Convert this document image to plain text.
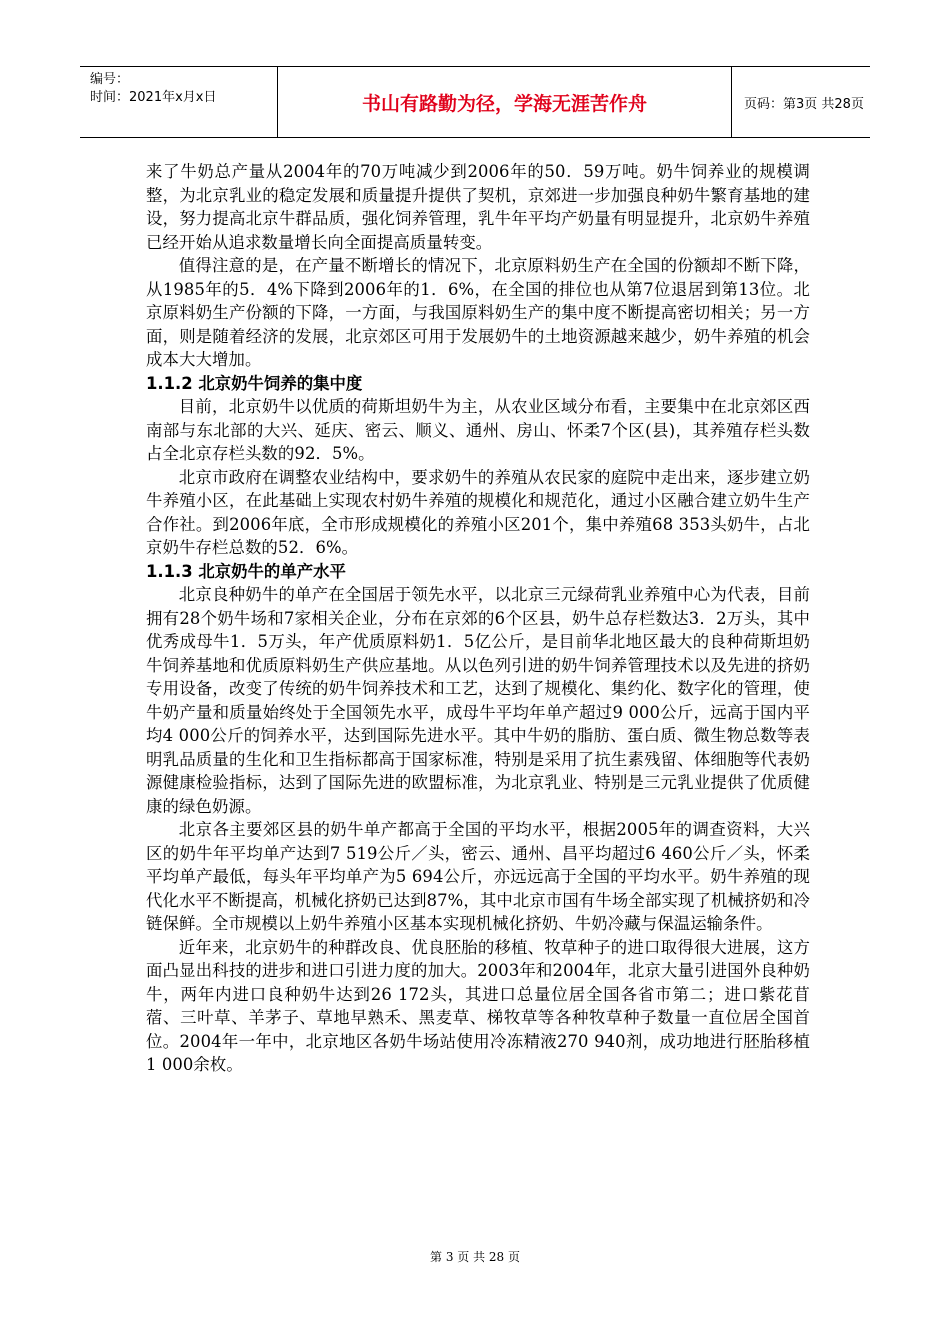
编号：
时间：2021年x月x日	书山有路勤为径，学海无涯苦作舟	页码：第3页 共28页

来了牛奶总产量从2004年的70万吨减少到2006年的50．59万吨。奶牛饲养业的规模调整，为北京乳业的稳定发展和质量提升提供了契机，京郊进一步加强良种奶牛繁育基地的建设，努力提高北京牛群品质，强化饲养管理，乳牛年平均产奶量有明显提升，北京奶牛养殖已经开始从追求数量增长向全面提高质量转变。

值得注意的是，在产量不断增长的情况下，北京原料奶生产在全国的份额却不断下降，从1985年的5．4%下降到2006年的1．6%，在全国的排位也从第7位退居到第13位。北京原料奶生产份额的下降，一方面，与我国原料奶生产的集中度不断提高密切相关；另一方面，则是随着经济的发展，北京郊区可用于发展奶牛的土地资源越来越少，奶牛养殖的机会成本大大增加。

1.1.2 北京奶牛饲养的集中度

目前，北京奶牛以优质的荷斯坦奶牛为主，从农业区域分布看，主要集中在北京郊区西南部与东北部的大兴、延庆、密云、顺义、通州、房山、怀柔7个区(县)，其养殖存栏头数占全北京存栏头数的92．5%。

北京市政府在调整农业结构中，要求奶牛的养殖从农民家的庭院中走出来，逐步建立奶牛养殖小区，在此基础上实现农村奶牛养殖的规模化和规范化，通过小区融合建立奶牛生产合作社。到2006年底，全市形成规模化的养殖小区201个，集中养殖68 353头奶牛，占北京奶牛存栏总数的52．6%。

1.1.3 北京奶牛的单产水平

北京良种奶牛的单产在全国居于领先水平，以北京三元绿荷乳业养殖中心为代表，目前拥有28个奶牛场和7家相关企业，分布在京郊的6个区县，奶牛总存栏数达3．2万头，其中优秀成母牛1．5万头，年产优质原料奶1．5亿公斤，是目前华北地区最大的良种荷斯坦奶牛饲养基地和优质原料奶生产供应基地。从以色列引进的奶牛饲养管理技术以及先进的挤奶专用设备，改变了传统的奶牛饲养技术和工艺，达到了规模化、集约化、数字化的管理，使牛奶产量和质量始终处于全国领先水平，成母牛平均年单产超过9 000公斤，远高于国内平均4 000公斤的饲养水平，达到国际先进水平。其中牛奶的脂肪、蛋白质、微生物总数等表明乳品质量的生化和卫生指标都高于国家标准，特别是采用了抗生素残留、体细胞等代表奶源健康检验指标，达到了国际先进的欧盟标准，为北京乳业、特别是三元乳业提供了优质健康的绿色奶源。

北京各主要郊区县的奶牛单产都高于全国的平均水平，根据2005年的调查资料，大兴区的奶牛年平均单产达到7 519公斤／头，密云、通州、昌平均超过6 460公斤／头，怀柔平均单产最低，每头年平均单产为5 694公斤，亦远远高于全国的平均水平。奶牛养殖的现代化水平不断提高，机械化挤奶已达到87%，其中北京市国有牛场全部实现了机械挤奶和冷链保鲜。全市规模以上奶牛养殖小区基本实现机械化挤奶、牛奶冷藏与保温运输条件。

近年来，北京奶牛的种群改良、优良胚胎的移植、牧草种子的进口取得很大进展，这方面凸显出科技的进步和进口引进力度的加大。2003年和2004年，北京大量引进国外良种奶牛，两年内进口良种奶牛达到26 172头，其进口总量位居全国各省市第二；进口紫花苜蓿、三叶草、羊茅子、草地早熟禾、黑麦草、梯牧草等各种牧草种子数量一直位居全国首位。2004年一年中，北京地区各奶牛场站使用冷冻精液270 940剂，成功地进行胚胎移植1 000余枚。

第 3 页 共 28 页
